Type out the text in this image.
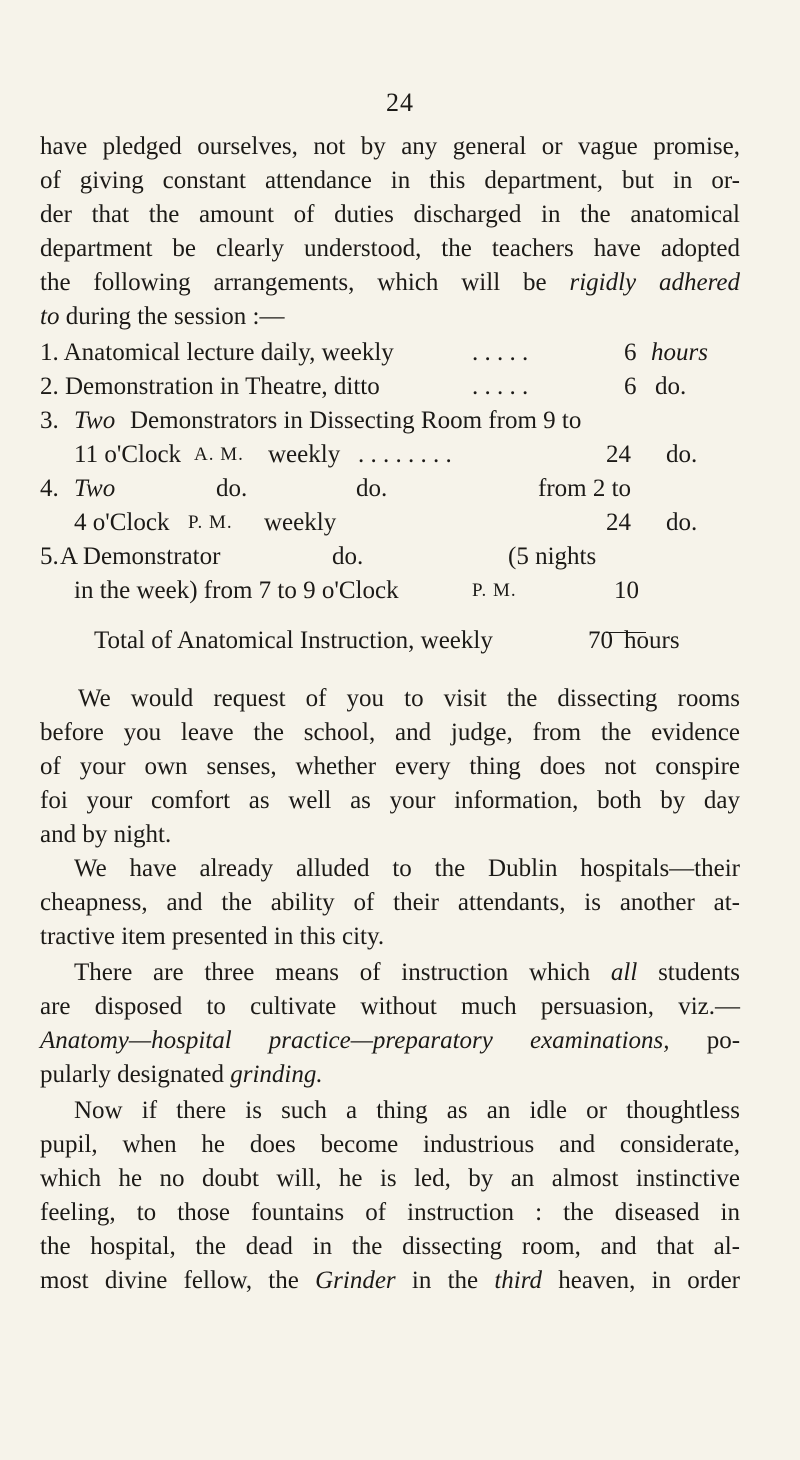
24
have pledged ourselves, not by any general or vague promise,
of giving constant attendance in this department, but in or-
der that the amount of duties discharged in the anatomical
department be clearly understood, the teachers have adopted
the following arrangements, which will be rigidly adhered
to during the session :—
1. Anatomical lecture daily, weekly	. . . . .	6 hours
2. Demonstration in Theatre, ditto	. . . . .	6 do.
3. Two Demonstrators in Dissecting Room from 9 to
11 o'Clock A. M. weekly . . . . . . . .	24 do.
4. Two	do.	do.	from 2 to
4 o'Clock P. M. weekly	24 do.
5. A Demonstrator	do.	(5 nights
in the week) from 7 to 9 o'Clock	P. M.	10
Total of Anatomical Instruction, weekly	70 hours
We would request of you to visit the dissecting rooms
before you leave the school, and judge, from the evidence
of your own senses, whether every thing does not conspire
foi your comfort as well as your information, both by day
and by night.
We have already alluded to the Dublin hospitals—their
cheapness, and the ability of their attendants, is another at-
tractive item presented in this city.
There are three means of instruction which all students
are disposed to cultivate without much persuasion, viz.—
Anatomy—hospital practice—preparatory examinations, po-
pularly designated grinding.
Now if there is such a thing as an idle or thoughtless
pupil, when he does become industrious and considerate,
which he no doubt will, he is led, by an almost instinctive
feeling, to those fountains of instruction : the diseased in
the hospital, the dead in the dissecting room, and that al-
most divine fellow, the Grinder in the third heaven, in order
